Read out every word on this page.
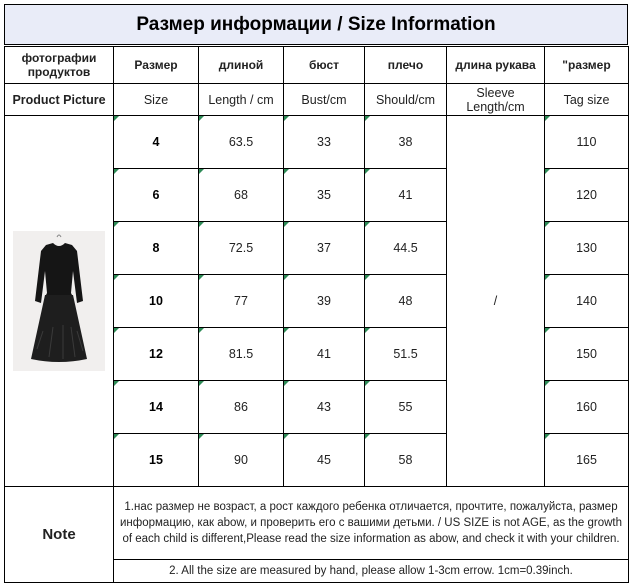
Размер информации / Size Information
фотографии продуктов	Размер	длиной	бюст	плечо	длина рукава	"размер
Product Picture	Size	Length / cm	Bust/cm	Should/cm	Sleeve Length/cm	Tag size

	4	63.5	33	38	/	110

	6	68	35	41		120

	8	72.5	37	44.5		130

	10	77	39	48		140

	12	81.5	41	51.5		150

	14	86	43	55		160

	15	90	45	58		165

Note	1.нас размер не возраст, а рост каждого ребенка отличается, прочтите, пожалуйста, размер информацию, как abow, и проверить его с вашими детьми. / US SIZE is not AGE, as the growth of each child is different,Please read the size information as abow, and check it with your children.					
	2. All the size are measured by hand, please allow 1-3cm errow. 1cm=0.39inch.					
